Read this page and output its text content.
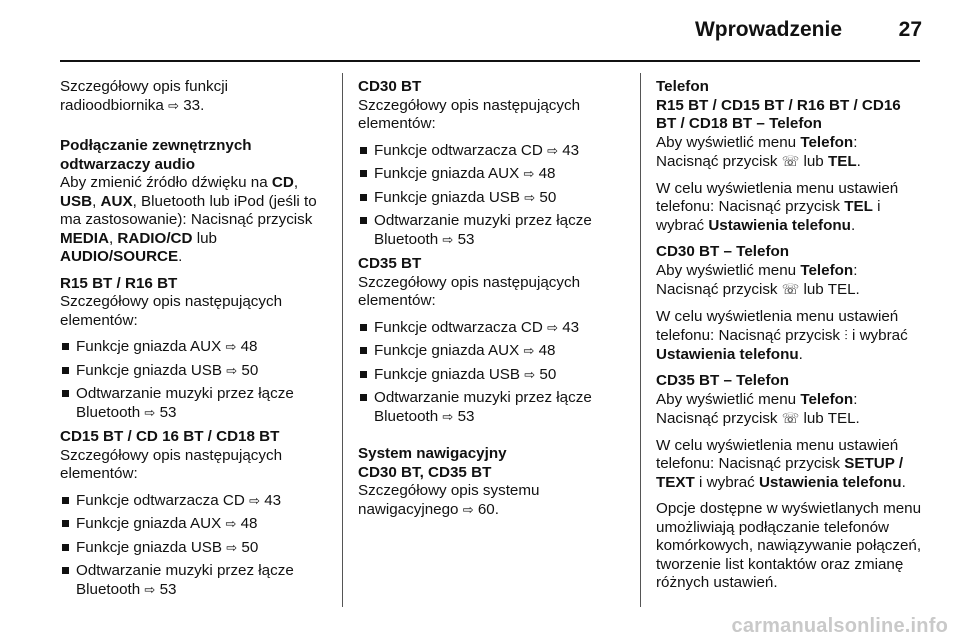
Wprowadzenie	27

Szczegółowy opis funkcji radioodbiornika ⇨ 33.

Podłączanie zewnętrznych odtwarzaczy audio

Aby zmienić źródło dźwięku na CD, USB, AUX, Bluetooth lub iPod (jeśli to ma zastosowanie): Nacisnąć przycisk MEDIA, RADIO/CD lub AUDIO/SOURCE.

R15 BT / R16 BT

Szczegółowy opis następujących elementów:

Funkcje gniazda AUX ⇨ 48
Funkcje gniazda USB ⇨ 50
Odtwarzanie muzyki przez łącze Bluetooth ⇨ 53

CD15 BT / CD 16 BT / CD18 BT

Szczegółowy opis następujących elementów:

Funkcje odtwarzacza CD ⇨ 43
Funkcje gniazda AUX ⇨ 48
Funkcje gniazda USB ⇨ 50
Odtwarzanie muzyki przez łącze Bluetooth ⇨ 53

CD30 BT

Szczegółowy opis następujących elementów:

Funkcje odtwarzacza CD ⇨ 43
Funkcje gniazda AUX ⇨ 48
Funkcje gniazda USB ⇨ 50
Odtwarzanie muzyki przez łącze Bluetooth ⇨ 53

CD35 BT

Szczegółowy opis następujących elementów:

Funkcje odtwarzacza CD ⇨ 43
Funkcje gniazda AUX ⇨ 48
Funkcje gniazda USB ⇨ 50
Odtwarzanie muzyki przez łącze Bluetooth ⇨ 53

System nawigacyjny

CD30 BT, CD35 BT

Szczegółowy opis systemu nawigacyjnego ⇨ 60.

Telefon

R15 BT / CD15 BT / R16 BT / CD16 BT / CD18 BT – Telefon

Aby wyświetlić menu Telefon:

Nacisnąć przycisk ☏ lub TEL.

W celu wyświetlenia menu ustawień telefonu: Nacisnąć przycisk TEL i wybrać Ustawienia telefonu.

CD30 BT – Telefon

Aby wyświetlić menu Telefon:

Nacisnąć przycisk ☏ lub TEL.

W celu wyświetlenia menu ustawień telefonu: Nacisnąć przycisk ⫶ i wybrać Ustawienia telefonu.

CD35 BT – Telefon

Aby wyświetlić menu Telefon:

Nacisnąć przycisk ☏ lub TEL.

W celu wyświetlenia menu ustawień telefonu: Nacisnąć przycisk SETUP / TEXT i wybrać Ustawienia telefonu.

Opcje dostępne w wyświetlanych menu umożliwiają podłączanie telefonów komórkowych, nawiązywanie połączeń, tworzenie list kontaktów oraz zmianę różnych ustawień.

carmanualsonline.info
